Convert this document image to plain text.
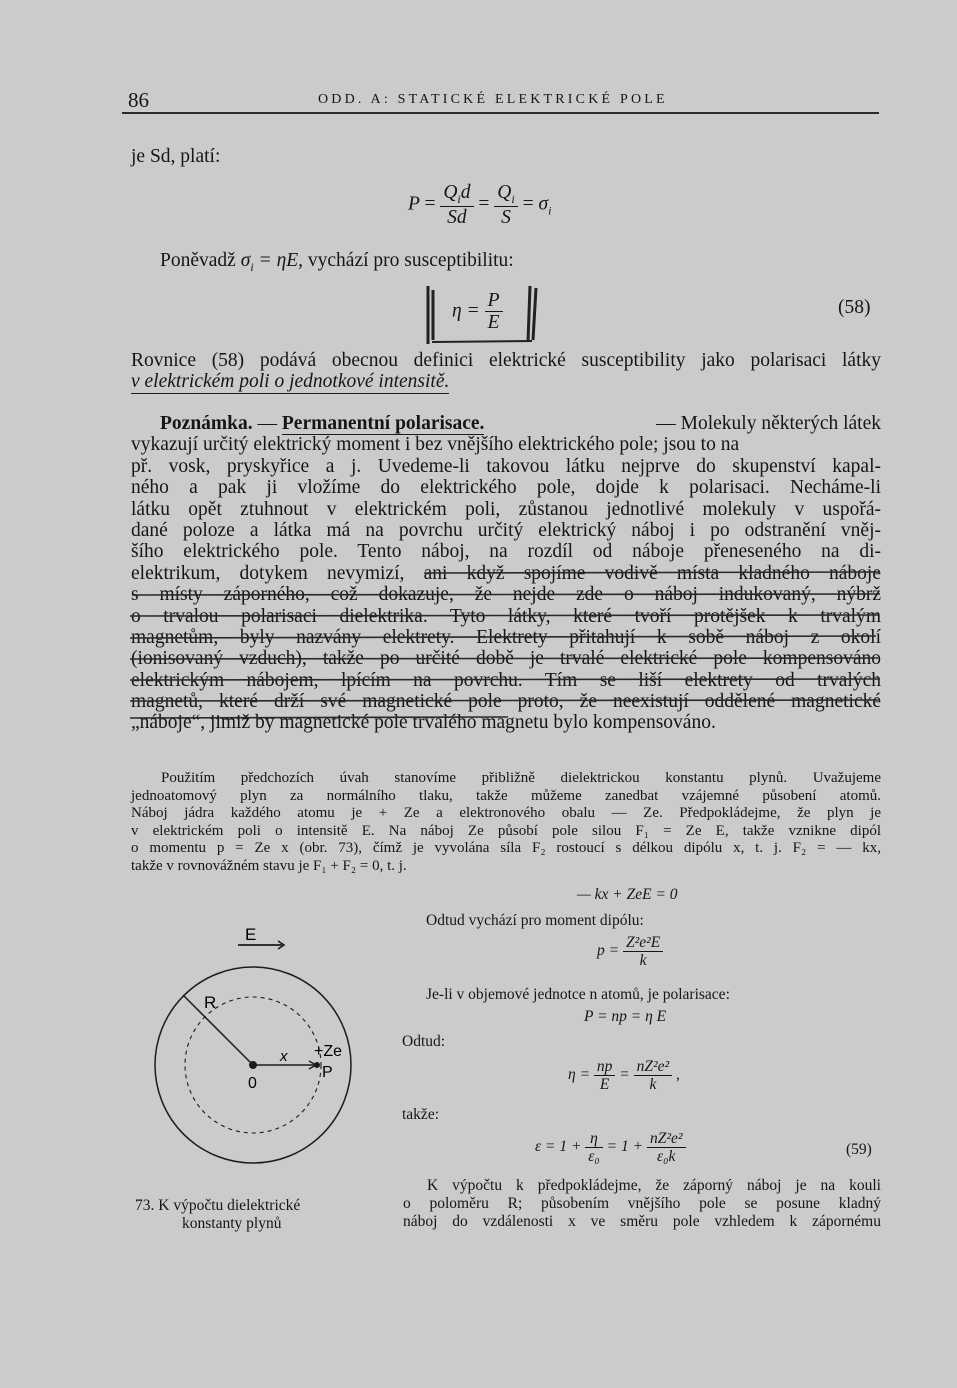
86	ODD. A: STATICKÉ ELEKTRICKÉ POLE
je Sd, platí:
$P = \frac{Q_id}{Sd} = \frac{Q_i}{S} = \sigma_i$
Poněvadž $\sigma_i = \eta E$, vychází pro susceptibilitu:
$\eta = \frac{P}{E}$	(58)
Rovnice (58) podává obecnou definici elektrické susceptibility jako polarisaci látky
v elektrickém poli o jednotkové intensitě.
Poznámka. — Permanentní polarisace.	— Molekuly některých látek
vykazují určitý elektrický moment i bez vnějšího elektrického pole; jsou to na
př. vosk, pryskyřice a j. Uvedeme-li takovou látku nejprve do skupenství kapal-
ného a pak ji vložíme do elektrického pole, dojde k polarisaci. Necháme-li
látku opět ztuhnout v elektrickém poli, zůstanou jednotlivé molekuly v uspořá-
dané poloze a látka má na povrchu určitý elektrický náboj i po odstranění vněj-
šího elektrického pole. Tento náboj, na rozdíl od náboje přeneseného na di-
elektrikum, dotykem nevymizí, ani když spojíme vodivě místa kladného náboje
s místy záporného, což dokazuje, že nejde zde o náboj indukovaný, nýbrž
o trvalou polarisaci dielektrika. Tyto látky, které tvoří protějšek k trvalým
magnetům, byly nazvány elektrety. Elektrety přitahují k sobě náboj z okolí
(ionisovaný vzduch), takže po určité době je trvalé elektrické pole kompensováno
elektrickým nábojem, lpícím na povrchu. Tím se liší elektrety od trvalých
magnetů, které drží své magnetické pole proto, že neexistují oddělené magnetické
„náboje“, jimiž by magnetické pole trvalého magnetu bylo kompensováno.
Použitím předchozích úvah stanovíme přibližně dielektrickou konstantu plynů. Uvažujeme
jednoatomový plyn za normálního tlaku, takže můžeme zanedbat vzájemné působení atomů.
Náboj jádra každého atomu je + Ze a elektronového obalu — Ze. Předpokládejme, že plyn je
v elektrickém poli o intensitě E. Na náboj Ze působí pole silou F₁ = Ze E, takže vznikne dipól
o momentu p = Ze x (obr. 73), čímž je vyvolána síla F₂ rostoucí s délkou dipólu x, t. j. F₂ = — kx,
takže v rovnovážném stavu je F₁ + F₂ = 0, t. j.
— kx + ZeE = 0
Odtud vychází pro moment dipólu:
$p = \frac{\text{Z²e²E}}{k}$
Je-li v objemové jednotce n atomů, je polarisace:
P = np = η E
Odtud:
$\eta = \frac{np}{E} = \frac{\text{nZ²e²}}{k}$ ,
takže:
$\varepsilon = 1 + \frac{\eta}{\text{ε₀}} = 1 + \frac{\text{nZ²e²}}{\text{ε₀k}}$	(59)
K výpočtu k předpokládejme, že záporný náboj je na kouli
o poloměru R; působením vnějšího pole se posune kladný
náboj do vzdálenosti x ve směru pole vzhledem k zápornému
E
R
+Ze
x
0
P
73. K výpočtu dielektrické
konstanty plynů
